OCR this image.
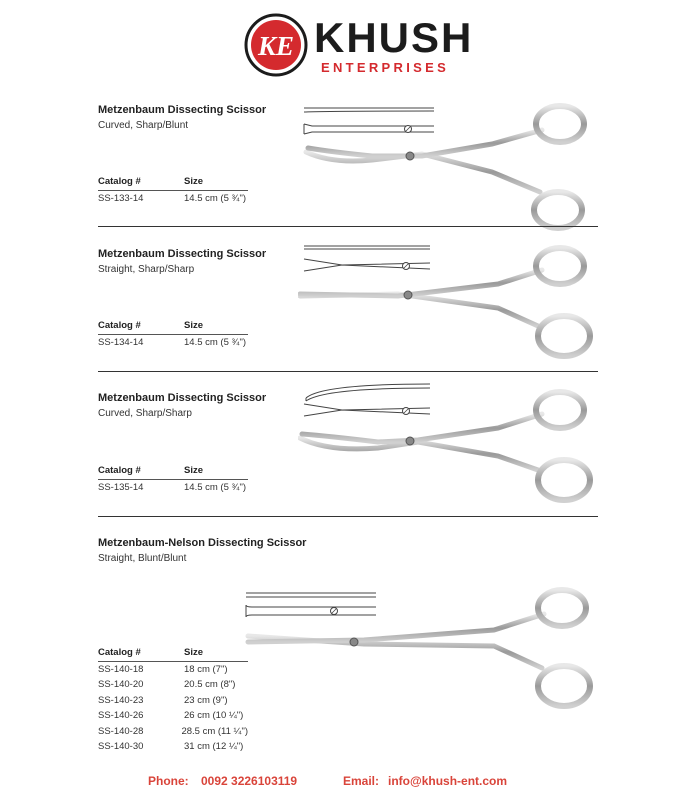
KE KHUSH
ENTERPRISES
Metzenbaum Dissecting Scissor
Curved, Sharp/Blunt
Catalog #	Size
SS-133-14	14.5 cm (5 ¾")
Metzenbaum Dissecting Scissor
Straight, Sharp/Sharp
Catalog #	Size
SS-134-14	14.5 cm (5 ¾")
Metzenbaum Dissecting Scissor
Curved, Sharp/Sharp
Catalog #	Size
SS-135-14	14.5 cm (5 ¾")
Metzenbaum-Nelson Dissecting Scissor
Straight, Blunt/Blunt
Catalog #	Size
SS-140-18	18 cm (7")
SS-140-20	20.5 cm (8")
SS-140-23	23 cm (9")
SS-140-26	26 cm (10 ¼")
SS-140-28	28.5 cm (11 ¼")
SS-140-30	31 cm (12 ¼")
Phone: 0092 3226103119	Email: info@khush-ent.com
